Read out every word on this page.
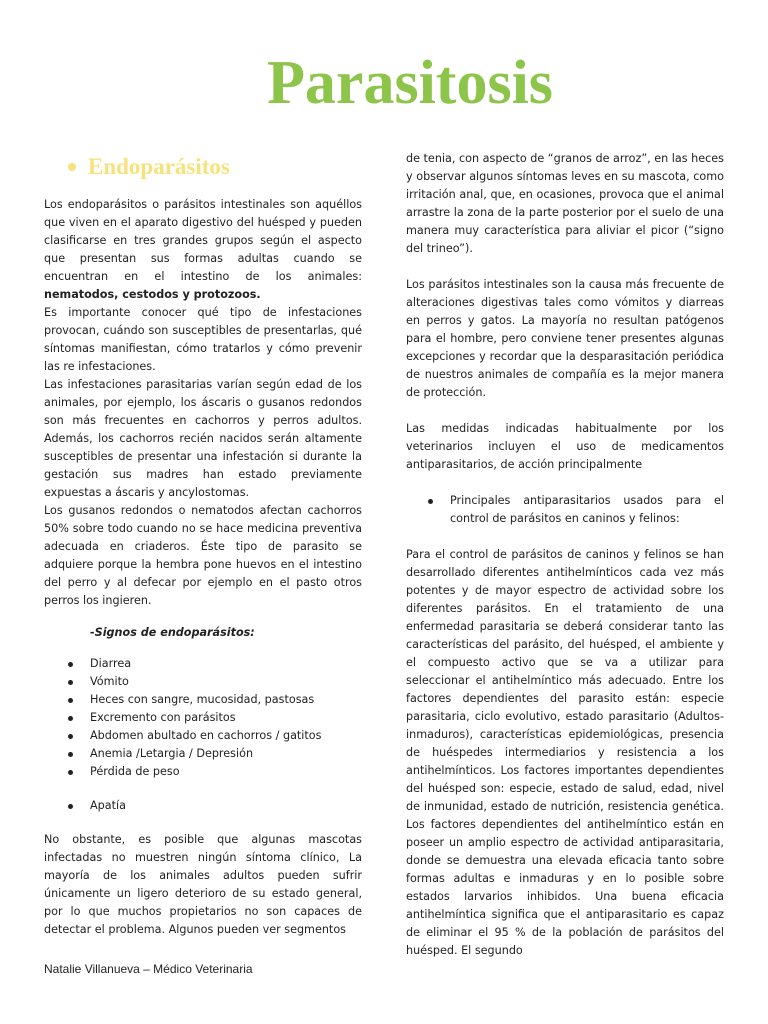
Parasitosis
Endoparásitos

Los endoparásitos o parásitos intestinales son aquéllos que viven en el aparato digestivo del huésped y pueden clasificarse en tres grandes grupos según el aspecto que presentan sus formas adultas cuando se encuentran en el intestino de los animales: nematodos, cestodos y protozoos.

Es importante conocer qué tipo de infestaciones provocan, cuándo son susceptibles de presentarlas, qué síntomas manifiestan, cómo tratarlos y cómo prevenir las re infestaciones.

Las infestaciones parasitarias varían según edad de los animales, por ejemplo, los áscaris o gusanos redondos son más frecuentes en cachorros y perros adultos. Además, los cachorros recién nacidos serán altamente susceptibles de presentar una infestación si durante la gestación sus madres han estado previamente expuestas a áscaris y ancylostomas.

Los gusanos redondos o nematodos afectan cachorros 50% sobre todo cuando no se hace medicina preventiva adecuada en criaderos. Éste tipo de parasito se adquiere porque la hembra pone huevos en el intestino del perro y al defecar por ejemplo en el pasto otros perros los ingieren.

-Signos de endoparásitos:
Diarrea
Vómito
Heces con sangre, mucosidad, pastosas
Excremento con parásitos
Abdomen abultado en cachorros / gatitos
Anemia /Letargia / Depresión
Pérdida de peso
Apatía

No obstante, es posible que algunas mascotas infectadas no muestren ningún síntoma clínico, La mayoría de los animales adultos pueden sufrir únicamente un ligero deterioro de su estado general, por lo que muchos propietarios no son capaces de detectar el problema. Algunos pueden ver segmentos

de tenia, con aspecto de “granos de arroz”, en las heces y observar algunos síntomas leves en su mascota, como irritación anal, que, en ocasiones, provoca que el animal arrastre la zona de la parte posterior por el suelo de una manera muy característica para aliviar el picor (“signo del trineo”).

Los parásitos intestinales son la causa más frecuente de alteraciones digestivas tales como vómitos y diarreas en perros y gatos. La mayoría no resultan patógenos para el hombre, pero conviene tener presentes algunas excepciones y recordar que la desparasitación periódica de nuestros animales de compañía es la mejor manera de protección.

Las medidas indicadas habitualmente por los veterinarios incluyen el uso de medicamentos antiparasitarios, de acción principalmente

Principales antiparasitarios usados para el control de parásitos en caninos y felinos:

Para el control de parásitos de caninos y felinos se han desarrollado diferentes antihelmínticos cada vez más potentes y de mayor espectro de actividad sobre los diferentes parásitos. En el tratamiento de una enfermedad parasitaria se deberá considerar tanto las características del parásito, del huésped, el ambiente y el compuesto activo que se va a utilizar para seleccionar el antihelmíntico más adecuado. Entre los factores dependientes del parasito están: especie parasitaria, ciclo evolutivo, estado parasitario (Adultos-inmaduros), características epidemiológicas, presencia de huéspedes intermediarios y resistencia a los antihelmínticos. Los factores importantes dependientes del huésped son: especie, estado de salud, edad, nivel de inmunidad, estado de nutrición, resistencia genética. Los factores dependientes del antihelmíntico están en poseer un amplio espectro de actividad antiparasitaria, donde se demuestra una elevada eficacia tanto sobre formas adultas e inmaduras y en lo posible sobre estados larvarios inhibidos. Una buena eficacia antihelmíntica significa que el antiparasitario es capaz de eliminar el 95 % de la población de parásitos del huésped. El segundo

Natalie Villanueva – Médico Veterinaria
